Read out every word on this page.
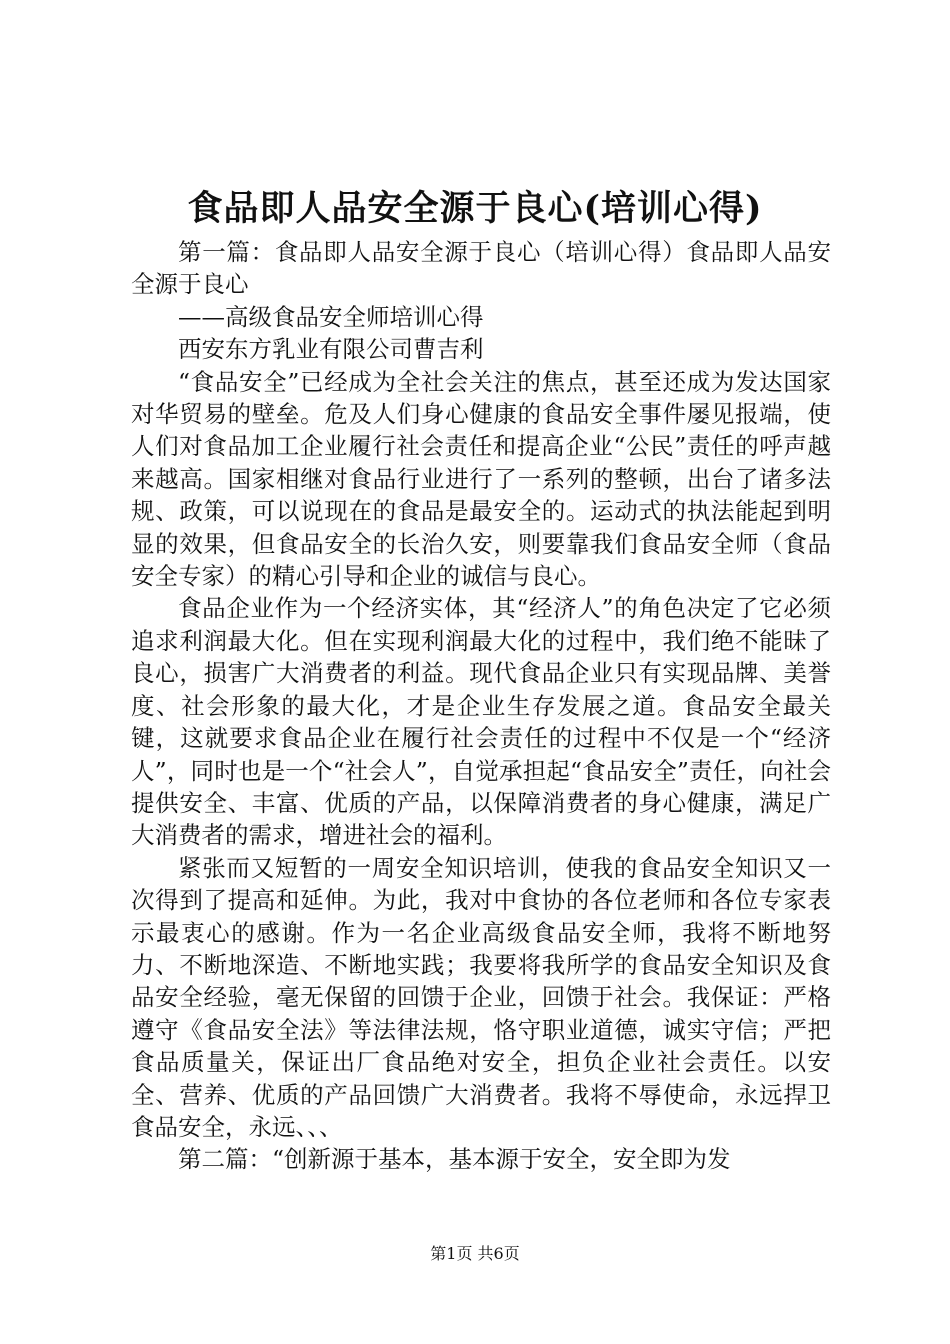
食品即人品安全源于良心(培训心得)

第一篇：食品即人品安全源于良心（培训心得）食品即人品安全源于良心

——高级食品安全师培训心得

西安东方乳业有限公司曹吉利

“食品安全”已经成为全社会关注的焦点，甚至还成为发达国家对华贸易的壁垒。危及人们身心健康的食品安全事件屡见报端，使人们对食品加工企业履行社会责任和提高企业“公民”责任的呼声越来越高。国家相继对食品行业进行了一系列的整顿，出台了诸多法规、政策，可以说现在的食品是最安全的。运动式的执法能起到明显的效果，但食品安全的长治久安，则要靠我们食品安全师（食品安全专家）的精心引导和企业的诚信与良心。

食品企业作为一个经济实体，其“经济人”的角色决定了它必须追求利润最大化。但在实现利润最大化的过程中，我们绝不能昧了良心，损害广大消费者的利益。现代食品企业只有实现品牌、美誉度、社会形象的最大化，才是企业生存发展之道。食品安全最关键，这就要求食品企业在履行社会责任的过程中不仅是一个“经济人”，同时也是一个“社会人”，自觉承担起“食品安全”责任，向社会提供安全、丰富、优质的产品，以保障消费者的身心健康，满足广大消费者的需求，增进社会的福利。

紧张而又短暂的一周安全知识培训，使我的食品安全知识又一次得到了提高和延伸。为此，我对中食协的各位老师和各位专家表示最衷心的感谢。作为一名企业高级食品安全师，我将不断地努力、不断地深造、不断地实践；我要将我所学的食品安全知识及食品安全经验，毫无保留的回馈于企业，回馈于社会。我保证：严格遵守《食品安全法》等法律法规，恪守职业道德，诚实守信；严把食品质量关，保证出厂食品绝对安全，担负企业社会责任。以安全、营养、优质的产品回馈广大消费者。我将不辱使命，永远捍卫食品安全，永远、、、

第二篇：“创新源于基本，基本源于安全，安全即为发

第1页 共6页
